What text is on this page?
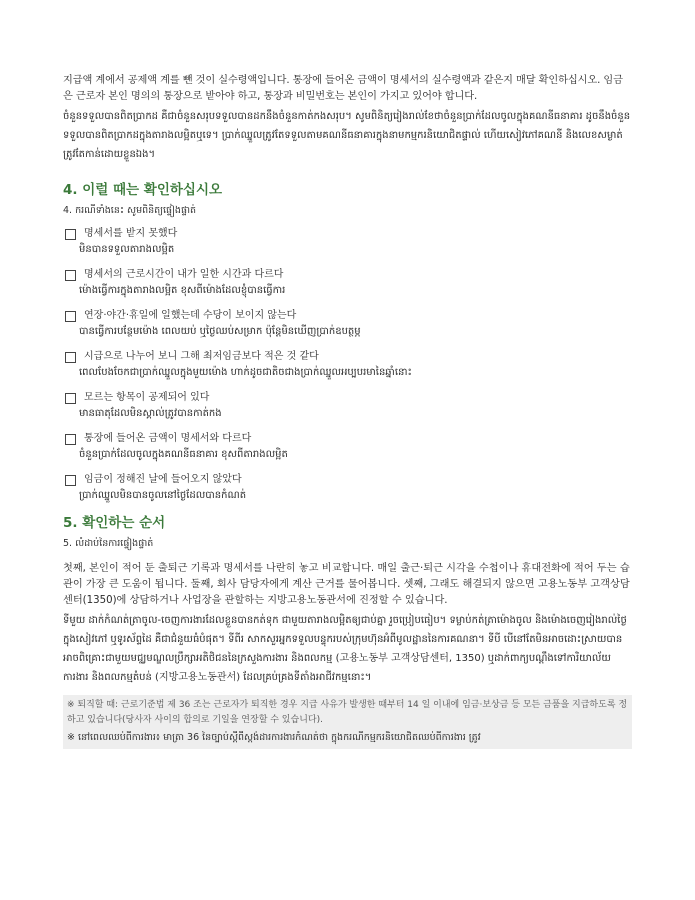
지급액 계에서 공제액 계를 뺀 것이 실수령액입니다. 통장에 들어온 금액이 명세서의 실수령액과 같은지 매달 확인하십시오. 임금은 근로자 본인 명의의 통장으로 받아야 하고, 통장과 비밀번호는 본인이 가지고 있어야 합니다.

ចំនួនទទួលបានពិតប្រាកដ គឺជាចំនួនសរុបទទួលបានដកនឹងចំនួនកាត់កងសរុប។ សូមពិនិត្យរៀងរាល់ខែថាចំនួនប្រាក់ដែលចូលក្នុងគណនីធនាគារ ដូចនឹងចំនួនទទួលបានពិតប្រាកដក្នុងតារាងលម្អិតឬទេ។ ប្រាក់ឈ្នួលត្រូវតែទទួលតាមគណនីធនាគារក្នុងនាមកម្មករនិយោជិតផ្ទាល់ ហើយសៀវភៅគណនី និងលេខសម្ងាត់ត្រូវតែកាន់ដោយខ្លួនឯង។

4. 이럴 때는 확인하십시오
4. ករណីទាំងនេះ សូមពិនិត្យផ្ទៀងផ្ទាត់
명세서를 받지 못했다
មិនបានទទួលតារាងលម្អិត
명세서의 근로시간이 내가 일한 시간과 다르다
ម៉ោងធ្វើការក្នុងតារាងលម្អិត ខុសពីម៉ោងដែលខ្ញុំបានធ្វើការ
연장·야간·휴일에 일했는데 수당이 보이지 않는다
បានធ្វើការបន្ថែមម៉ោង ពេលយប់ ឬថ្ងៃឈប់សម្រាក ប៉ុន្តែមិនឃើញប្រាក់ឧបត្ថម្ភ
시급으로 나누어 보니 그해 최저임금보다 적은 것 같다
ពេលបែងចែកជាប្រាក់ឈ្នួលក្នុងមួយម៉ោង ហាក់ដូចជាតិចជាងប្រាក់ឈ្នួលអប្បបរមានៃឆ្នាំនោះ
모르는 항목이 공제되어 있다
មានធាតុដែលមិនស្គាល់ត្រូវបានកាត់កង
통장에 들어온 금액이 명세서와 다르다
ចំនួនប្រាក់ដែលចូលក្នុងគណនីធនាគារ ខុសពីតារាងលម្អិត
임금이 정해진 날에 들어오지 않았다
ប្រាក់ឈ្នួលមិនបានចូលនៅថ្ងៃដែលបានកំណត់
5. 확인하는 순서
5. លំដាប់នៃការផ្ទៀងផ្ទាត់

첫째, 본인이 적어 둔 출퇴근 기록과 명세서를 나란히 놓고 비교합니다. 매일 출근·퇴근 시각을 수첩이나 휴대전화에 적어 두는 습관이 가장 큰 도움이 됩니다. 둘째, 회사 담당자에게 계산 근거를 물어봅니다. 셋째, 그래도 해결되지 않으면 고용노동부 고객상담센터(1350)에 상담하거나 사업장을 관할하는 지방고용노동관서에 진정할 수 있습니다.

ទីមួយ ដាក់កំណត់ត្រាចូល-ចេញការងារដែលខ្លួនបានកត់ទុក ជាមួយតារាងលម្អិតឲ្យជាប់គ្នា រួចប្រៀបធៀប។ ទម្លាប់កត់ត្រាម៉ោងចូល និងម៉ោងចេញរៀងរាល់ថ្ងៃក្នុងសៀវភៅ ឬទូរស័ព្ទដៃ គឺជាជំនួយធំបំផុត។ ទីពីរ សាកសួរអ្នកទទួលបន្ទុករបស់ក្រុមហ៊ុនអំពីមូលដ្ឋាននៃការគណនា។ ទីបី បើនៅតែមិនអាចដោះស្រាយបាន អាចពិគ្រោះជាមួយមជ្ឈមណ្ឌលប្រឹក្សាអតិថិជននៃក្រសួងការងារ និងពលកម្ម (고용노동부 고객상담센터, 1350) ឬដាក់ពាក្យបណ្តឹងទៅការិយាល័យការងារ និងពលកម្មតំបន់ (지방고용노동관서) ដែលគ្រប់គ្រងទីតាំងអាជីវកម្មនោះ។

※ 퇴직할 때: 근로기준법 제 36 조는 근로자가 퇴직한 경우 지급 사유가 발생한 때부터 14 일 이내에 임금·보상금 등 모든 금품을 지급하도록 정하고 있습니다(당사자 사이의 합의로 기일을 연장할 수 있습니다).

※ នៅពេលឈប់ពីការងារ៖ មាត្រា 36 នៃច្បាប់ស្តីពីស្តង់ដារការងារកំណត់ថា ក្នុងករណីកម្មករនិយោជិតឈប់ពីការងារ ត្រូវ
